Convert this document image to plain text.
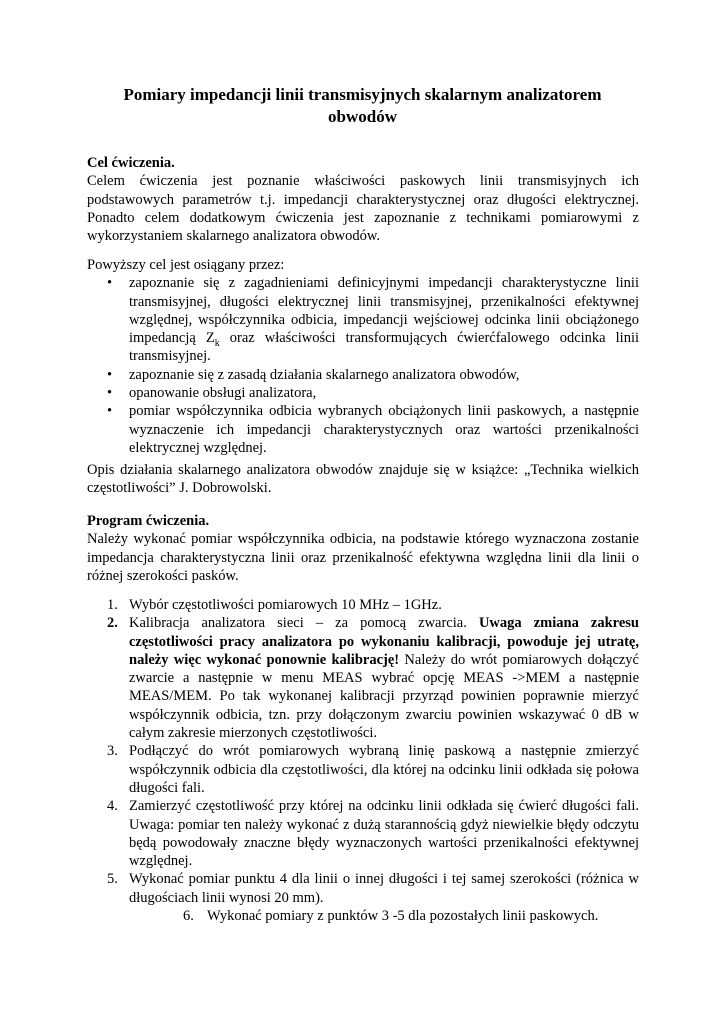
Pomiary impedancji linii transmisyjnych skalarnym analizatorem
obwodów
Cel ćwiczenia.
Celem ćwiczenia jest poznanie właściwości paskowych linii transmisyjnych ich podstawowych parametrów t.j. impedancji charakterystycznej oraz długości elektrycznej. Ponadto celem dodatkowym ćwiczenia jest zapoznanie z technikami pomiarowymi z wykorzystaniem skalarnego analizatora obwodów.
Powyższy cel jest osiągany przez:
• zapoznanie się z zagadnieniami definicyjnymi impedancji charakterystyczne linii transmisyjnej, długości elektrycznej linii transmisyjnej, przenikalności efektywnej względnej, współczynnika odbicia, impedancji wejściowej odcinka linii obciążonego impedancją $Z_k$ oraz właściwości transformujących ćwierćfalowego odcinka linii transmisyjnej.
• zapoznanie się z zasadą działania skalarnego analizatora obwodów,
• opanowanie obsługi analizatora,
• pomiar współczynnika odbicia wybranych obciążonych linii paskowych, a następnie wyznaczenie ich impedancji charakterystycznych oraz wartości przenikalności elektrycznej względnej.
Opis działania skalarnego analizatora obwodów znajduje się w książce: „Technika wielkich częstotliwości” J. Dobrowolski.
Program ćwiczenia.
Należy wykonać pomiar współczynnika odbicia, na podstawie którego wyznaczona zostanie impedancja charakterystyczna linii oraz przenikalność efektywna względna linii dla linii o różnej szerokości pasków.
1. Wybór częstotliwości pomiarowych 10 MHz – 1GHz.
2. Kalibracja analizatora sieci – za pomocą zwarcia. Uwaga zmiana zakresu częstotliwości pracy analizatora po wykonaniu kalibracji, powoduje jej utratę, należy więc wykonać ponownie kalibrację! Należy do wrót pomiarowych dołączyć zwarcie a następnie w menu MEAS wybrać opcję MEAS ->MEM a następnie MEAS/MEM. Po tak wykonanej kalibracji przyrząd powinien poprawnie mierzyć współczynnik odbicia, tzn. przy dołączonym zwarciu powinien wskazywać 0 dB w całym zakresie mierzonych częstotliwości.
3. Podłączyć do wrót pomiarowych wybraną linię paskową a następnie zmierzyć współczynnik odbicia dla częstotliwości, dla której na odcinku linii odkłada się połowa długości fali.
4. Zamierzyć częstotliwość przy której na odcinku linii odkłada się ćwierć długości fali. Uwaga: pomiar ten należy wykonać z dużą starannością gdyż niewielkie błędy odczytu będą powodowały znaczne błędy wyznaczonych wartości przenikalności efektywnej względnej.
5. Wykonać pomiar punktu 4 dla linii o innej długości i tej samej szerokości (różnica w długościach linii wynosi 20 mm).
6. Wykonać pomiary z punktów 3 -5 dla pozostałych linii paskowych.
